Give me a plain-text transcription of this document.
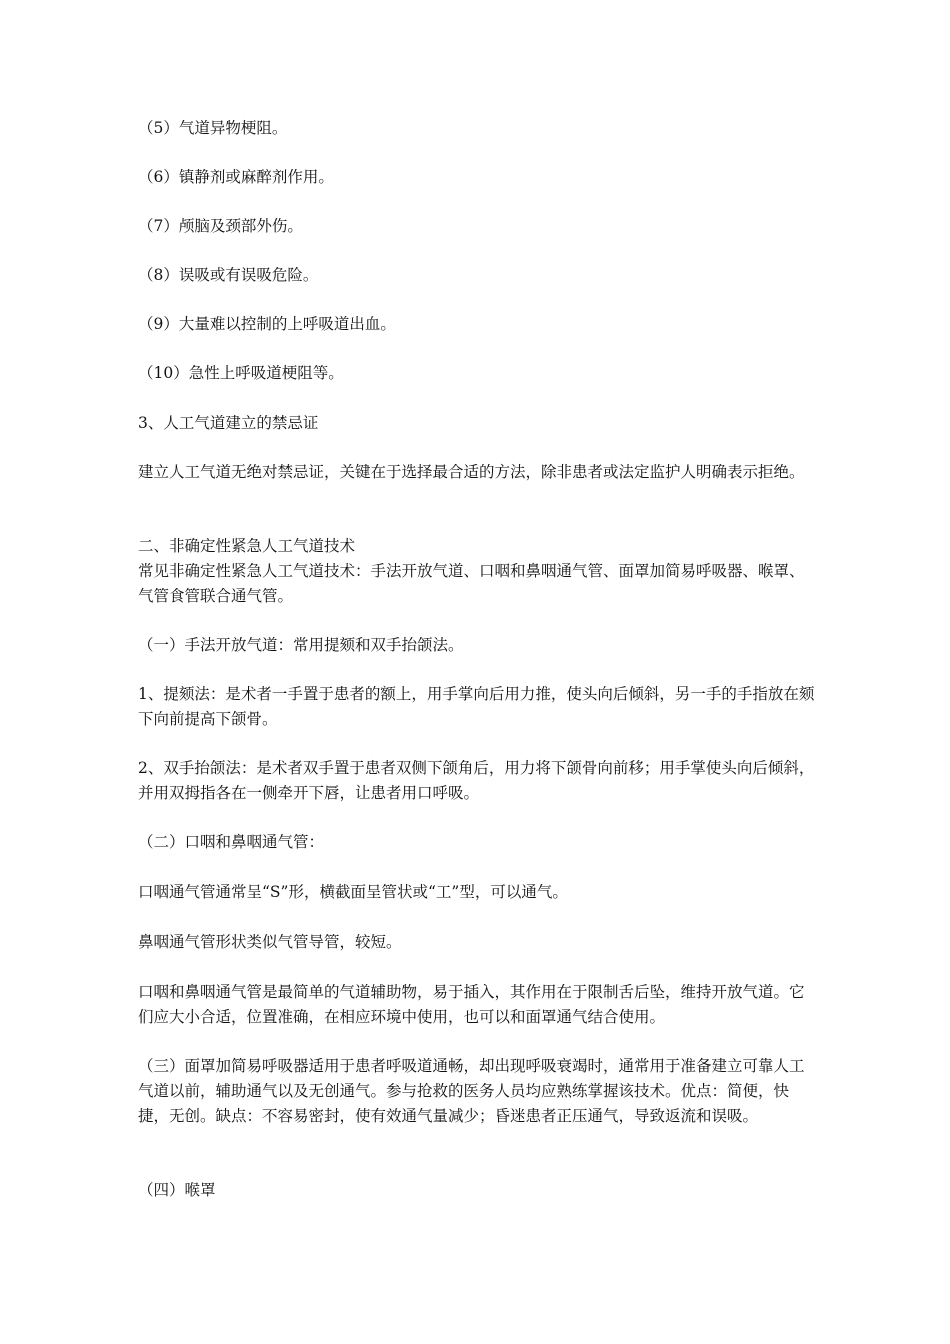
（5）气道异物梗阻。

（6）镇静剂或麻醉剂作用。

（7）颅脑及颈部外伤。

（8）误吸或有误吸危险。

（9）大量难以控制的上呼吸道出血。

（10）急性上呼吸道梗阻等。

3、人工气道建立的禁忌证

建立人工气道无绝对禁忌证，关键在于选择最合适的方法，除非患者或法定监护人明确表示拒绝。

二、非确定性紧急人工气道技术

常见非确定性紧急人工气道技术：手法开放气道、口咽和鼻咽通气管、面罩加简易呼吸器、喉罩、气管食管联合通气管。

（一）手法开放气道：常用提颏和双手抬颌法。

1、提颏法：是术者一手置于患者的额上，用手掌向后用力推，使头向后倾斜，另一手的手指放在颏下向前提高下颌骨。

2、双手抬颌法：是术者双手置于患者双侧下颌角后，用力将下颌骨向前移；用手掌使头向后倾斜，并用双拇指各在一侧牵开下唇，让患者用口呼吸。

（二）口咽和鼻咽通气管：

口咽通气管通常呈“S”形，横截面呈管状或“工”型，可以通气。

鼻咽通气管形状类似气管导管，较短。

口咽和鼻咽通气管是最简单的气道辅助物，易于插入，其作用在于限制舌后坠，维持开放气道。它们应大小合适，位置准确，在相应环境中使用，也可以和面罩通气结合使用。

（三）面罩加简易呼吸器适用于患者呼吸道通畅，却出现呼吸衰竭时，通常用于准备建立可靠人工气道以前，辅助通气以及无创通气。参与抢救的医务人员均应熟练掌握该技术。优点：简便，快捷，无创。缺点：不容易密封，使有效通气量减少；昏迷患者正压通气，导致返流和误吸。

（四）喉罩
